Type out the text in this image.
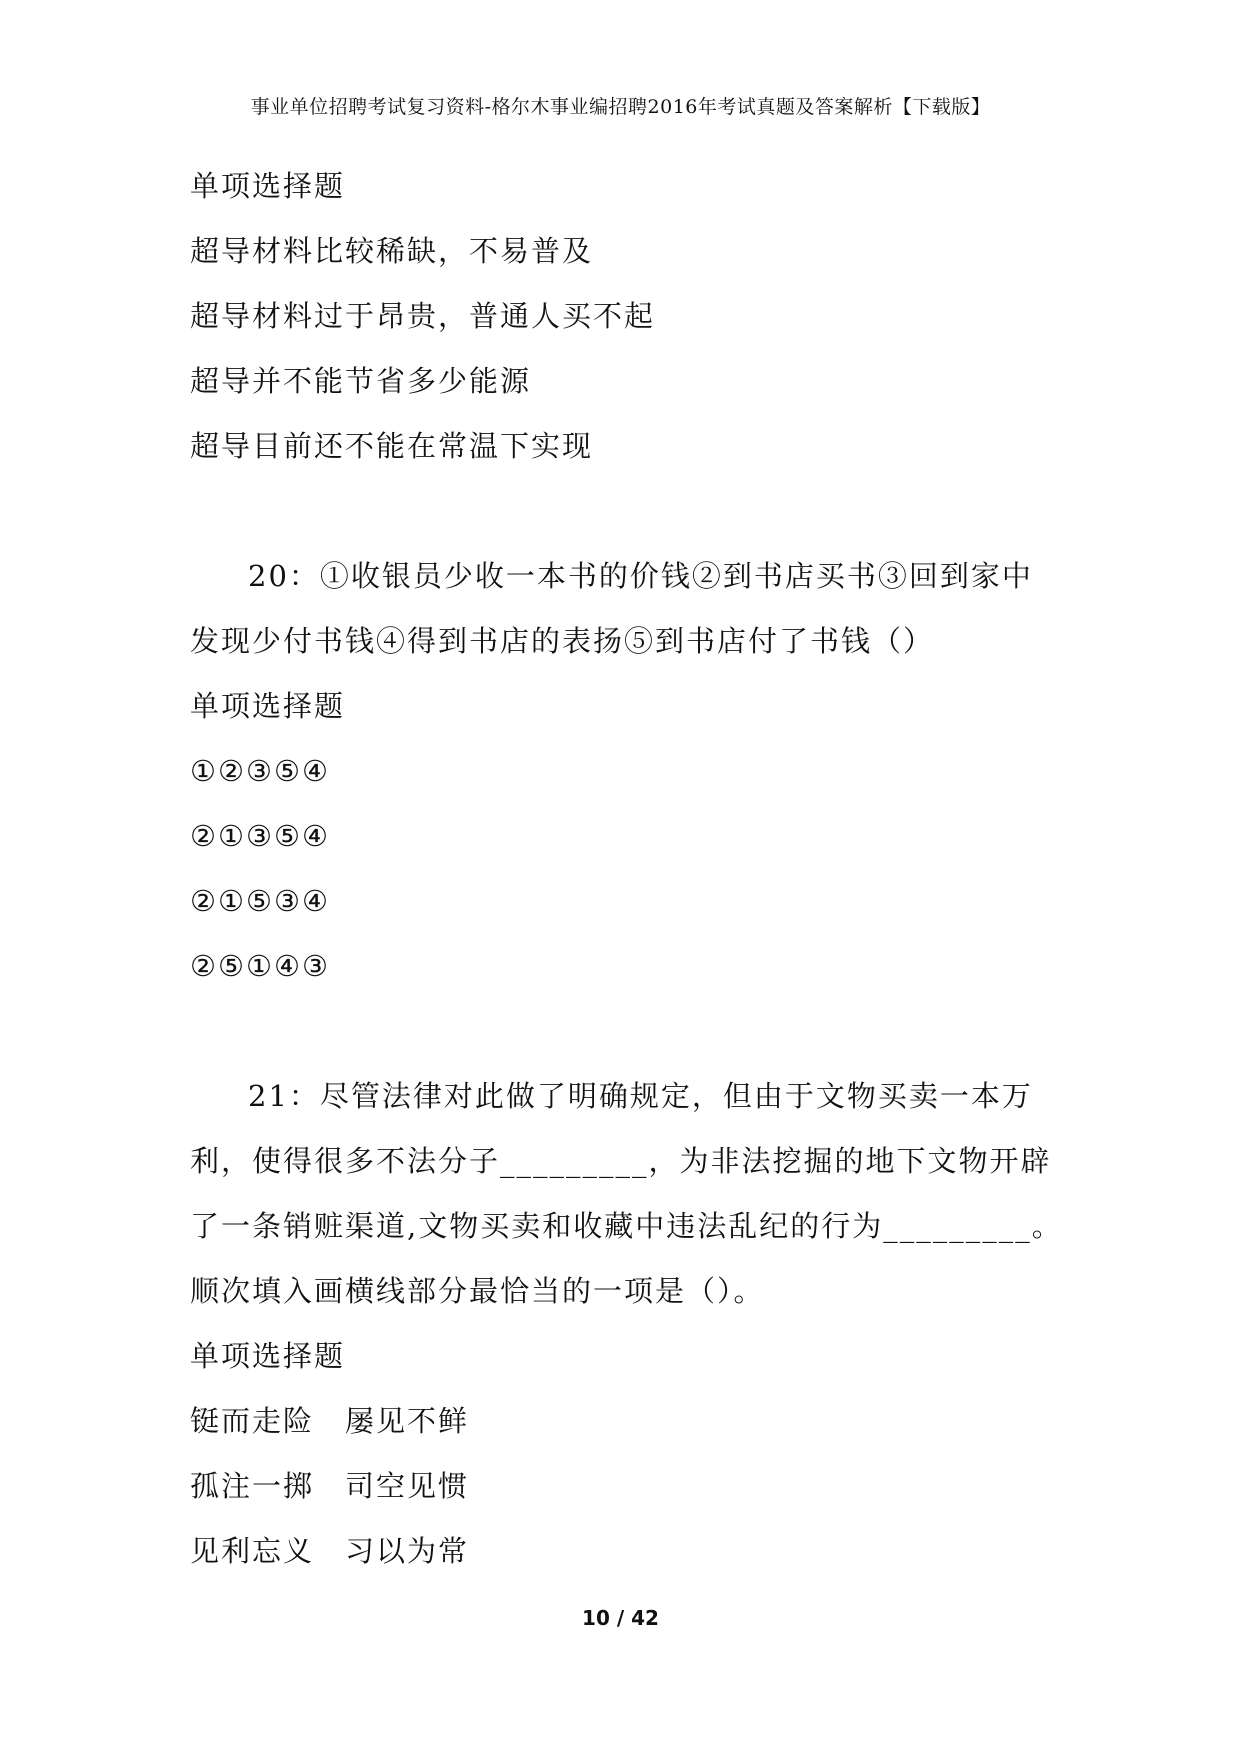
事业单位招聘考试复习资料-格尔木事业编招聘2016年考试真题及答案解析【下载版】
单项选择题
超导材料比较稀缺，不易普及
超导材料过于昂贵，普通人买不起
超导并不能节省多少能源
超导目前还不能在常温下实现
20：①收银员少收一本书的价钱②到书店买书③回到家中
发现少付书钱④得到书店的表扬⑤到书店付了书钱（）
单项选择题
①②③⑤④
②①③⑤④
②①⑤③④
②⑤①④③
21：尽管法律对此做了明确规定，但由于文物买卖一本万
利，使得很多不法分子_________，为非法挖掘的地下文物开辟
了一条销赃渠道,文物买卖和收藏中违法乱纪的行为_________。
顺次填入画横线部分最恰当的一项是（）。
单项选择题
铤而走险　屡见不鲜
孤注一掷　司空见惯
见利忘义　习以为常
10 / 42
